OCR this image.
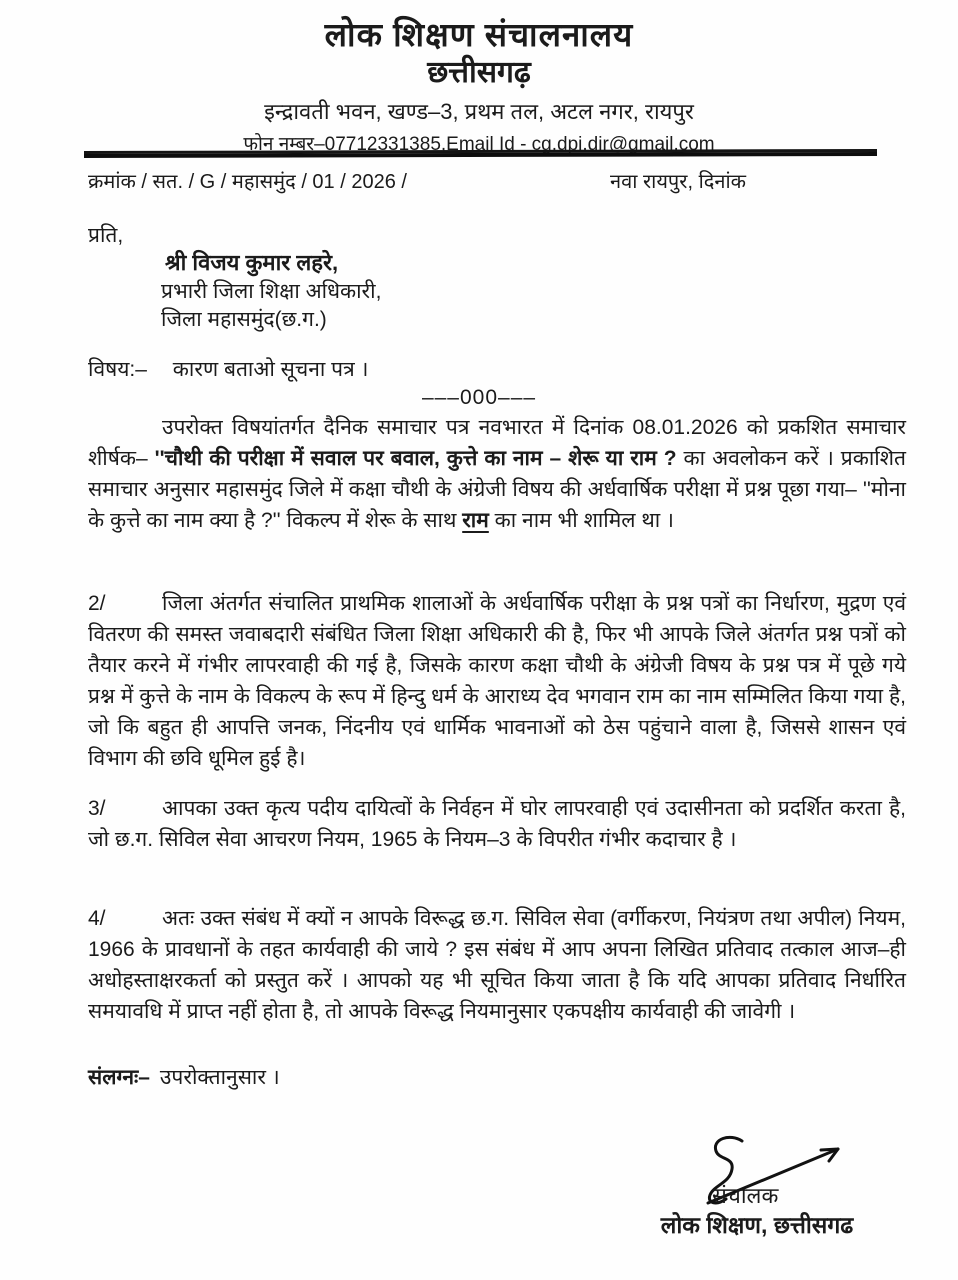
लोक शिक्षण संचालनालय
छत्तीसगढ़
इन्द्रावती भवन, खण्ड–3, प्रथम तल, अटल नगर, रायपुर
फोन नम्बर–07712331385,Email Id - cg.dpi.dir@gmail.com
क्रमांक / सत. / G / महासमुंद / 01 / 2026 /	नवा रायपुर, दिनांक
प्रति,
श्री विजय कुमार लहरे,
प्रभारी जिला शिक्षा अधिकारी,
जिला महासमुंद(छ.ग.)
विषय:– कारण बताओ सूचना पत्र ।
–––000–––
उपरोक्त विषयांतर्गत दैनिक समाचार पत्र नवभारत में दिनांक 08.01.2026 को प्रकशित समाचार शीर्षक– ''चौथी की परीक्षा में सवाल पर बवाल, कुत्ते का नाम – शेरू या राम ? का अवलोकन करें । प्रकाशित समाचार अनुसार महासमुंद जिले में कक्षा चौथी के अंग्रेजी विषय की अर्धवार्षिक परीक्षा में प्रश्न पूछा गया– ''मोना के कुत्ते का नाम क्या है ?'' विकल्प में शेरू के साथ राम का नाम भी शामिल था ।
2/	जिला अंतर्गत संचालित प्राथमिक शालाओं के अर्धवार्षिक परीक्षा के प्रश्न पत्रों का निर्धारण, मुद्रण एवं वितरण की समस्त जवाबदारी संबंधित जिला शिक्षा अधिकारी की है, फिर भी आपके जिले अंतर्गत प्रश्न पत्रों को तैयार करने में गंभीर लापरवाही की गई है, जिसके कारण कक्षा चौथी के अंग्रेजी विषय के प्रश्न पत्र में पूछे गये प्रश्न में कुत्ते के नाम के विकल्प के रूप में हिन्दु धर्म के आराध्य देव भगवान राम का नाम सम्मिलित किया गया है, जो कि बहुत ही आपत्ति जनक, निंदनीय एवं धार्मिक भावनाओं को ठेस पहुंचाने वाला है, जिससे शासन एवं विभाग की छवि धूमिल हुई है।
3/	आपका उक्त कृत्य पदीय दायित्वों के निर्वहन में घोर लापरवाही एवं उदासीनता को प्रदर्शित करता है, जो छ.ग. सिविल सेवा आचरण नियम, 1965 के नियम–3 के विपरीत गंभीर कदाचार है ।
4/	अतः उक्त संबंध में क्यों न आपके विरूद्ध छ.ग. सिविल सेवा (वर्गीकरण, नियंत्रण तथा अपील) नियम, 1966 के प्रावधानों के तहत कार्यवाही की जाये ? इस संबंध में आप अपना लिखित प्रतिवाद तत्काल आज–ही अधोहस्ताक्षरकर्ता को प्रस्तुत करें । आपको यह भी सूचित किया जाता है कि यदि आपका प्रतिवाद निर्धारित समयावधि में प्राप्त नहीं होता है, तो आपके विरूद्ध नियमानुसार एकपक्षीय कार्यवाही की जावेगी ।
संलग्नः– उपरोक्तानुसार ।
संचालक
लोक शिक्षण, छत्तीसगढ
